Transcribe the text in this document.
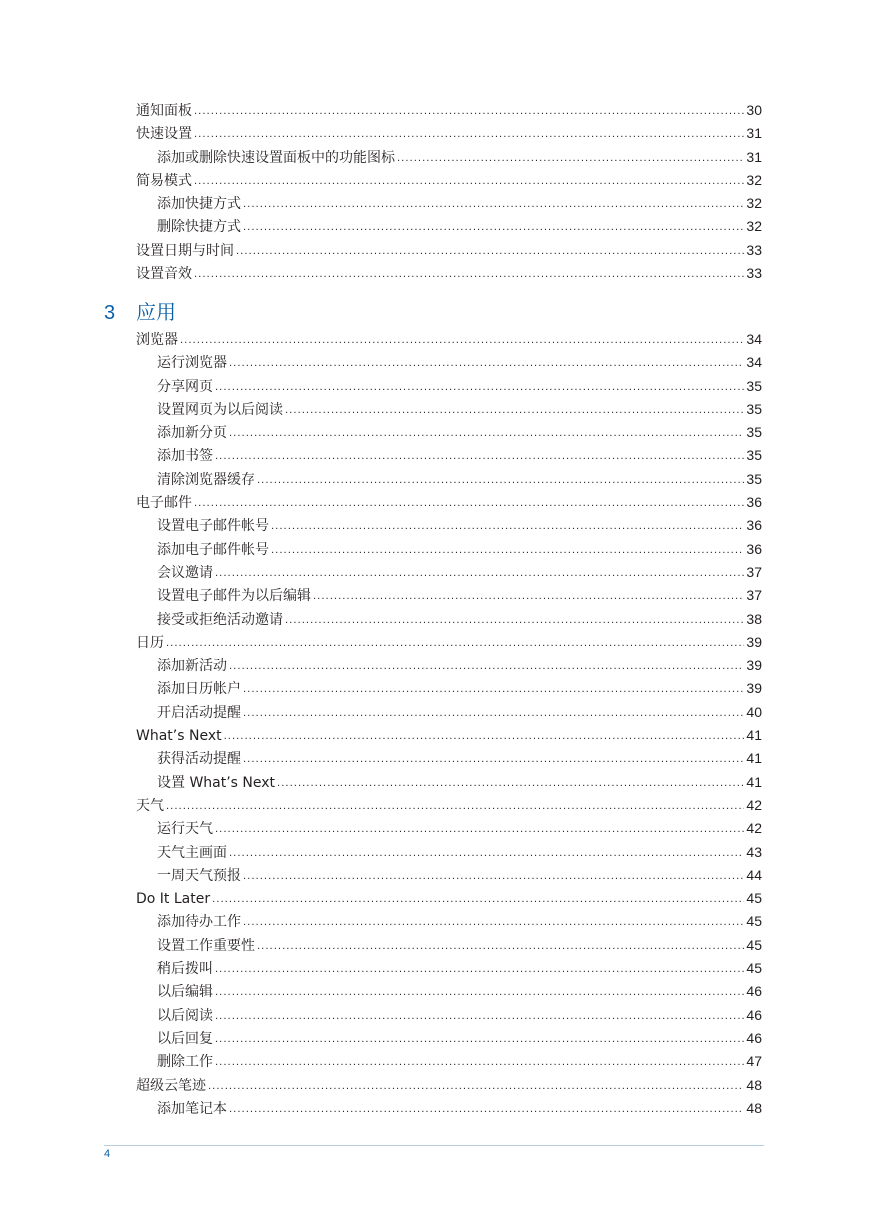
通知面板 .....	30
快速设置 .....	31
添加或删除快速设置面板中的功能图标 .....	31
简易模式 .....	32
添加快捷方式 .....	32
删除快捷方式 .....	32
设置日期与时间 .....	33
设置音效 .....	33
3 应用
浏览器 .....	34
运行浏览器 .....	34
分享网页 .....	35
设置网页为以后阅读 .....	35
添加新分页 .....	35
添加书签 .....	35
清除浏览器缓存 .....	35
电子邮件 .....	36
设置电子邮件帐号 .....	36
添加电子邮件帐号 .....	36
会议邀请 .....	37
设置电子邮件为以后编辑 .....	37
接受或拒绝活动邀请 .....	38
日历 .....	39
添加新活动 .....	39
添加日历帐户 .....	39
开启活动提醒 .....	40
What’s Next .....	41
获得活动提醒 .....	41
设置 What’s Next .....	41
天气 .....	42
运行天气 .....	42
天气主画面 .....	43
一周天气预报 .....	44
Do It Later .....	45
添加待办工作 .....	45
设置工作重要性 .....	45
稍后拨叫 .....	45
以后编辑 .....	46
以后阅读 .....	46
以后回复 .....	46
删除工作 .....	47
超级云笔迹 .....	48
添加笔记本 .....	48
4
